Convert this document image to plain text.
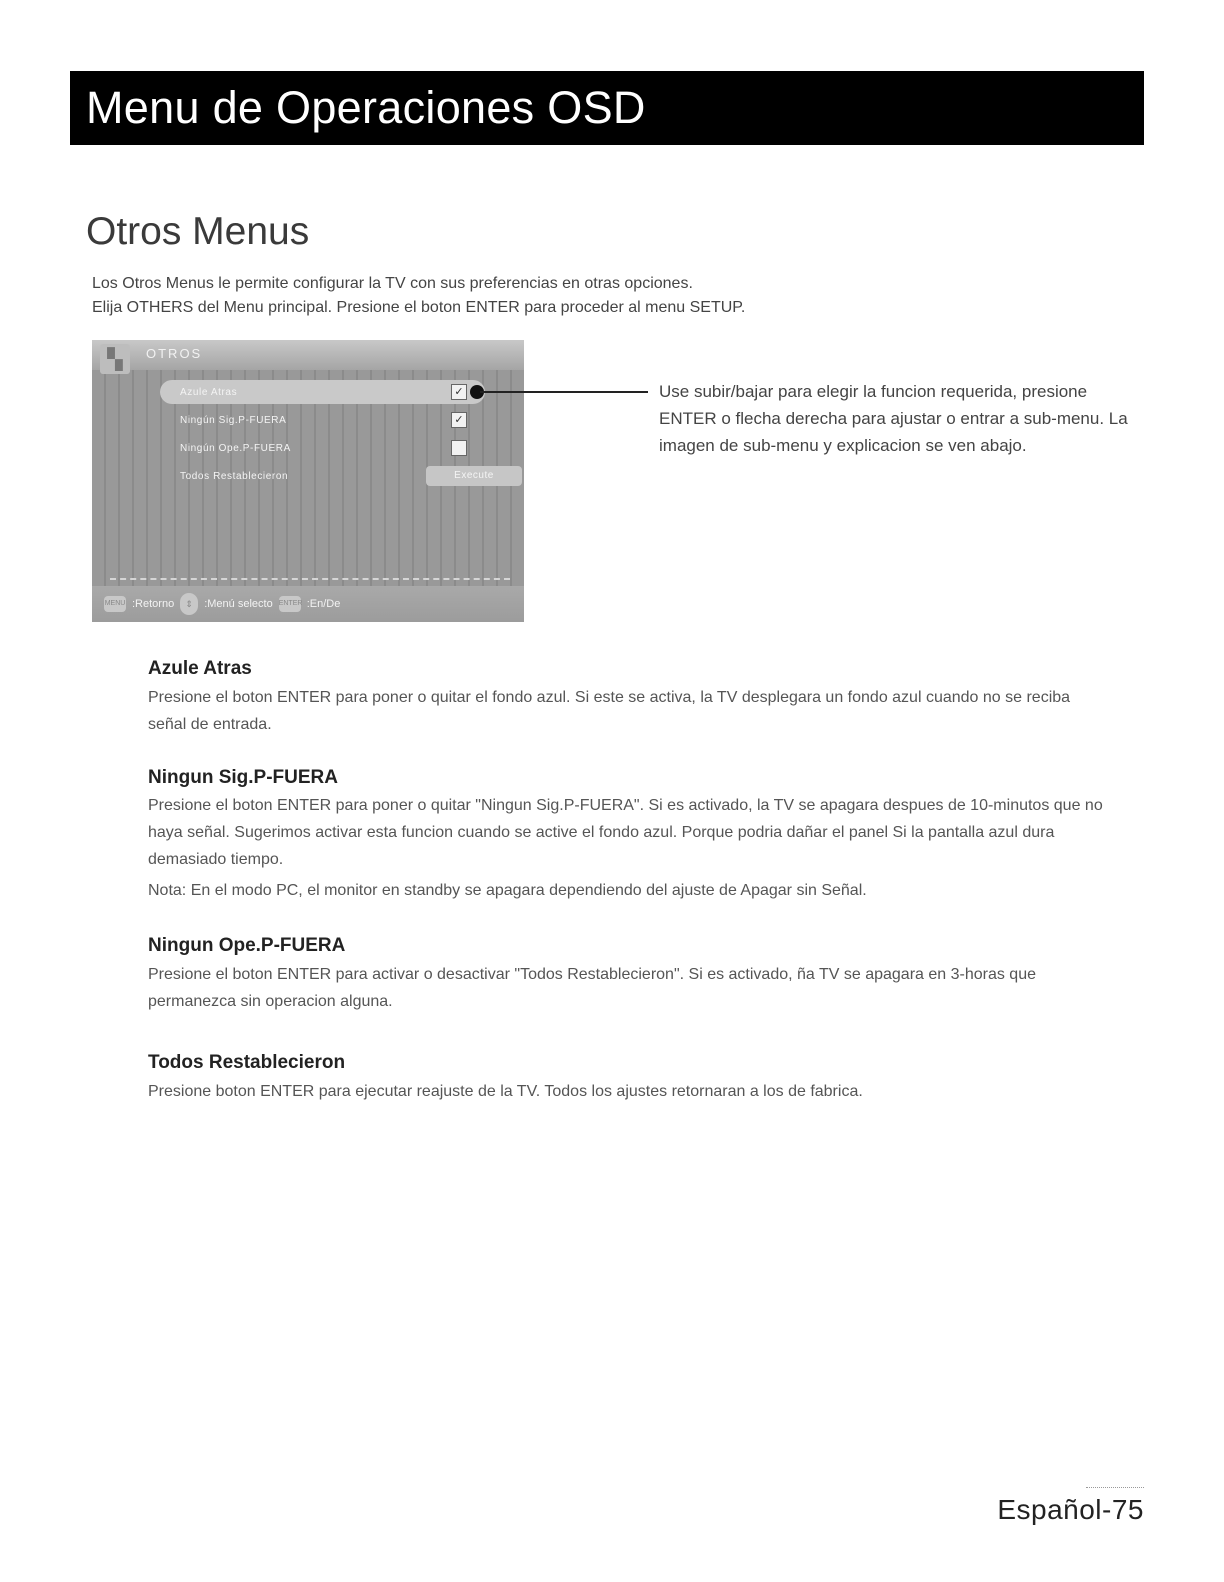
Menu de Operaciones OSD
Otros Menus
Los Otros Menus le permite configurar la TV con sus preferencias en otras opciones.
Elija OTHERS del Menu principal. Presione el boton ENTER para proceder al menu SETUP.
▚	OTROS
Azule Atras	✓
Ningún Sig.P-FUERA	✓
Ningún Ope.P-FUERA
Todos Restablecieron	Execute
MENU :Retorno	⇕	:Menú selecto ENTER :En/De
Use subir/bajar para elegir la funcion requerida, presione ENTER o flecha derecha para ajustar o entrar a sub-menu. La imagen de sub-menu y explicacion se ven abajo.
Azule Atras
Presione el boton ENTER para poner o quitar el fondo azul. Si este se activa, la TV desplegara un fondo azul cuando no se reciba señal de entrada.
Ningun Sig.P-FUERA
Presione el boton ENTER para poner o quitar "Ningun Sig.P-FUERA". Si es activado, la TV se apagara despues de 10-minutos que no haya señal. Sugerimos activar esta funcion cuando se active el fondo azul. Porque podria dañar el panel Si la pantalla azul dura demasiado tiempo.
Nota: En el modo PC, el monitor en standby se apagara dependiendo del ajuste de Apagar sin Señal.
Ningun Ope.P-FUERA
Presione el boton ENTER para activar o desactivar "Todos Restablecieron". Si es activado, ña TV se apagara en 3-horas que permanezca sin operacion alguna.
Todos Restablecieron
Presione boton ENTER para ejecutar reajuste de la TV. Todos los ajustes retornaran a los de fabrica.
Español-75
